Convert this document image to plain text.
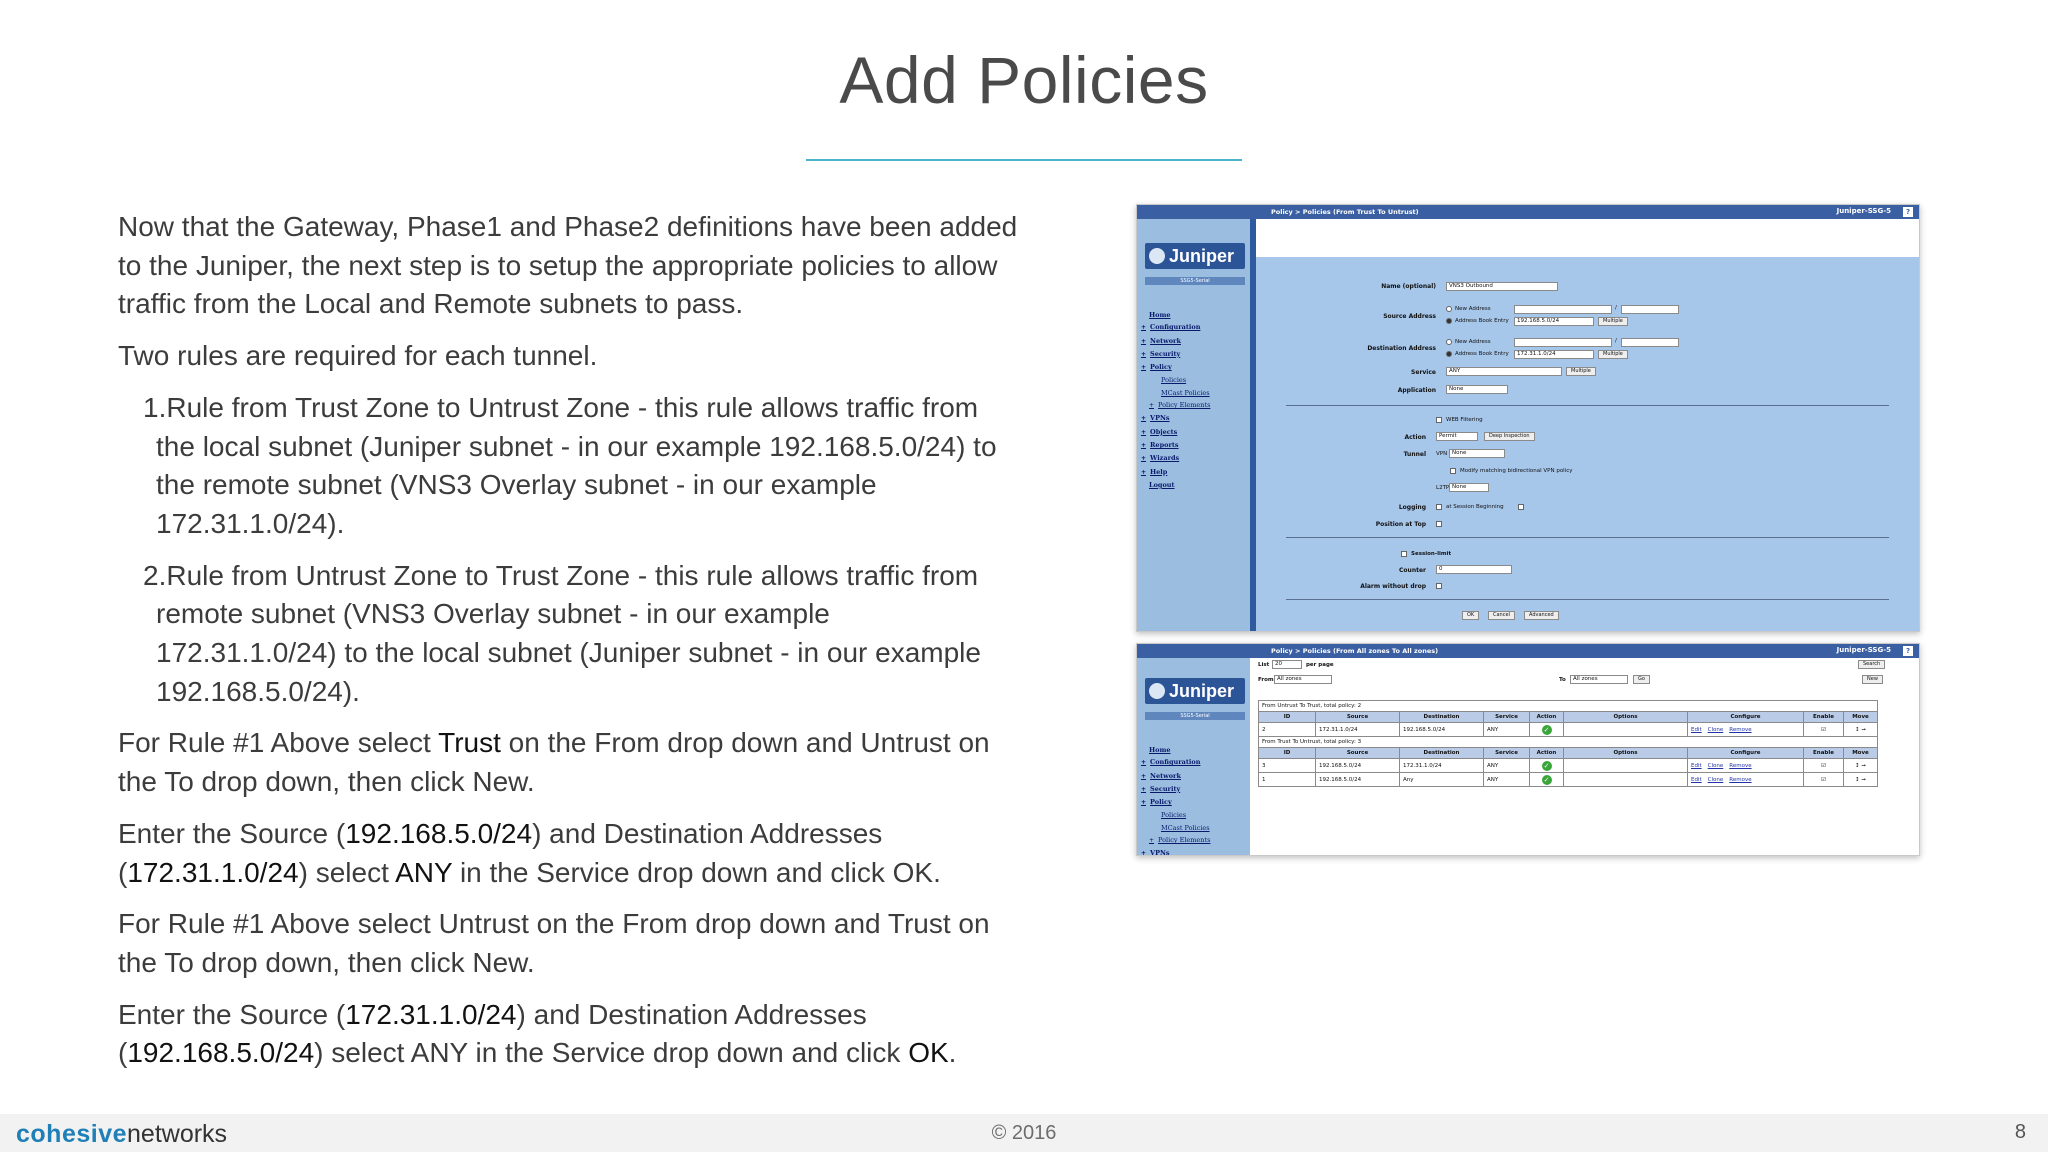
Add Policies

Now that the Gateway, Phase1 and Phase2 definitions have been added to the Juniper, the next step is to setup the appropriate policies to allow traffic from the Local and Remote subnets to pass.

Two rules are required for each tunnel.

1.Rule from Trust Zone to Untrust Zone - this rule allows traffic from the local subnet (Juniper subnet - in our example 192.168.5.0/24) to the remote subnet (VNS3 Overlay subnet - in our example 172.31.1.0/24).

2.Rule from Untrust Zone to Trust Zone - this rule allows traffic from remote subnet (VNS3 Overlay subnet - in our example 172.31.1.0/24) to the local subnet (Juniper subnet - in our example 192.168.5.0/24).

For Rule #1 Above select Trust on the From drop down and Untrust on the To drop down, then click New.

Enter the Source (192.168.5.0/24) and Destination Addresses (172.31.1.0/24) select ANY in the Service drop down and click OK.

For Rule #1 Above select Untrust on the From drop down and Trust on the To drop down, then click New.

Enter the Source (172.31.1.0/24) and Destination Addresses (192.168.5.0/24) select ANY in the Service drop down and click OK.

Policy > Policies (From Trust To Untrust)	Juniper-SSG-5	?
Juniper
SSG5-Serial
Home
+ Configuration
+ Network
+ Security
+ Policy
Policies
MCast Policies
+ Policy Elements
+ VPNs
+ Objects
+ Reports
+ Wizards
+ Help
Logout
Name (optional)	VNS3 Outbound
New Address	/
Source Address
Address Book Entry	192.168.5.0/24	Multiple
New Address	/
Destination Address
Address Book Entry	172.31.1.0/24	Multiple
Service	ANY	Multiple
Application	None
WEB Filtering
Action	Permit	Deep Inspection
Tunnel VPN None
Modify matching bidirectional VPN policy
L2TP None
Logging	at Session Beginning
Position at Top
Session-limit
Counter	0
Alarm without drop
OK	Cancel	Advanced
Policy > Policies (From All zones To All zones)	Juniper-SSG-5	?
Juniper
SSG5-Serial
Home
+ Configuration
+ Network
+ Security
+ Policy
Policies
MCast Policies
+ Policy Elements
+ VPNs
List	20	per page	Search
From All zones	To	All zones	Go	New
From Untrust To Trust, total policy: 2								
ID	Source	Destination	Service	Action	Options	Configure	Enable	Move
2	172.31.1.0/24	192.168.5.0/24	ANY	✓		Edit Clone Remove	☑	↕ ➞
From Trust To Untrust, total policy: 3								
ID	Source	Destination	Service	Action	Options	Configure	Enable	Move
3	192.168.5.0/24	172.31.1.0/24	ANY	✓		Edit Clone Remove	☑	↕ ➞
1	192.168.5.0/24	Any	ANY	✓		Edit Clone Remove	☑	↕ ➞
cohesivenetworks	© 2016	8
